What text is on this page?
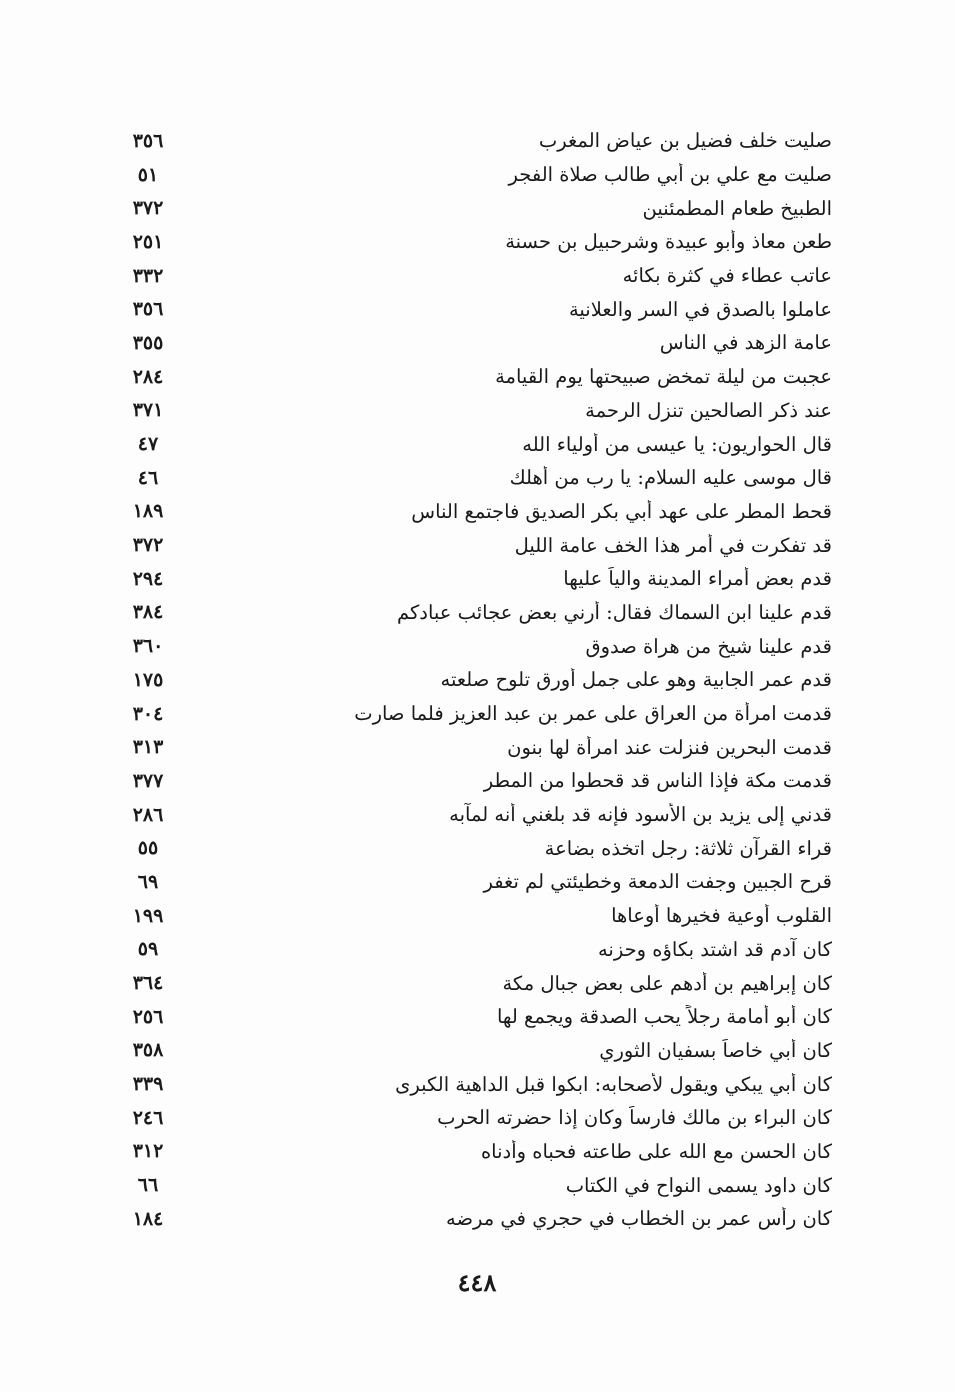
٣٥٦	صليت خلف فضيل بن عياض المغرب
٥١	صليت مع علي بن أبي طالب صلاة الفجر
٣٧٢	الطبيخ طعام المطمئنين
٢٥١	طعن معاذ وأبو عبيدة وشرحبيل بن حسنة
٣٣٢	عاتب عطاء في كثرة بكائه
٣٥٦	عاملوا بالصدق في السر والعلانية
٣٥٥	عامة الزهد في الناس
٢٨٤	عجبت من ليلة تمخض صبيحتها يوم القيامة
٣٧١	عند ذكر الصالحين تنزل الرحمة
٤٧	قال الحواريون: يا عيسى من أولياء الله
٤٦	قال موسى عليه السلام: يا رب من أهلك
١٨٩	قحط المطر على عهد أبي بكر الصديق فاجتمع الناس
٣٧٢	قد تفكرت في أمر هذا الخف عامة الليل
٢٩٤	قدم بعض أمراء المدينة والياً عليها
٣٨٤	قدم علينا ابن السماك فقال: أرني بعض عجائب عبادكم
٣٦٠	قدم علينا شيخ من هراة صدوق
١٧٥	قدم عمر الجابية وهو على جمل أورق تلوح صلعته
٣٠٤	قدمت امرأة من العراق على عمر بن عبد العزيز فلما صارت
٣١٣	قدمت البحرين فنزلت عند امرأة لها بنون
٣٧٧	قدمت مكة فإذا الناس قد قحطوا من المطر
٢٨٦	قدني إلى يزيد بن الأسود فإنه قد بلغني أنه لمآبه
٥٥	قراء القرآن ثلاثة: رجل اتخذه بضاعة
٦٩	قرح الجبين وجفت الدمعة وخطيئتي لم تغفر
١٩٩	القلوب أوعية فخيرها أوعاها
٥٩	كان آدم قد اشتد بكاؤه وحزنه
٣٦٤	كان إبراهيم بن أدهم على بعض جبال مكة
٢٥٦	كان أبو أمامة رجلاً يحب الصدقة ويجمع لها
٣٥٨	كان أبي خاصاً بسفيان الثوري
٣٣٩	كان أبي يبكي ويقول لأصحابه: ابكوا قبل الداهية الكبرى
٢٤٦	كان البراء بن مالك فارساً وكان إذا حضرته الحرب
٣١٢	كان الحسن مع الله على طاعته فحباه وأدناه
٦٦	كان داود يسمى النواح في الكتاب
١٨٤	كان رأس عمر بن الخطاب في حجري في مرضه
٤٤٨
